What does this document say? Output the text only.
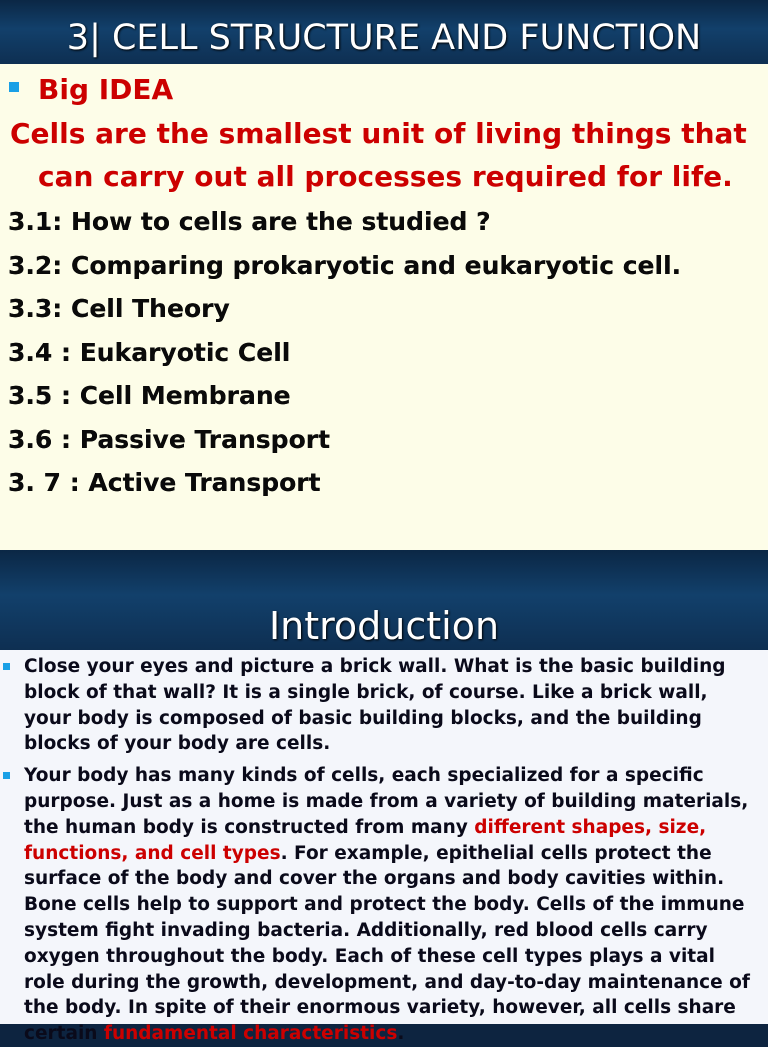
3| CELL STRUCTURE AND FUNCTION
Big IDEA
Cells are the smallest unit of living things that
can carry out all processes required for life.
3.1: How to cells are the studied ?
3.2: Comparing prokaryotic and eukaryotic cell.
3.3: Cell Theory
3.4 : Eukaryotic Cell
3.5 : Cell Membrane
3.6 : Passive Transport
3. 7 : Active Transport
Introduction
Close your eyes and picture a brick wall. What is the basic building block of that wall? It is a single brick, of course. Like a brick wall, your body is composed of basic building blocks, and the building blocks of your body are cells.
Your body has many kinds of cells, each specialized for a specific purpose. Just as a home is made from a variety of building materials, the human body is constructed from many different shapes, size, functions, and cell types. For example, epithelial cells protect the surface of the body and cover the organs and body cavities within. Bone cells help to support and protect the body. Cells of the immune system fight invading bacteria. Additionally, red blood cells carry oxygen throughout the body. Each of these cell types plays a vital role during the growth, development, and day-to-day maintenance of the body. In spite of their enormous variety, however, all cells share certain fundamental characteristics.
